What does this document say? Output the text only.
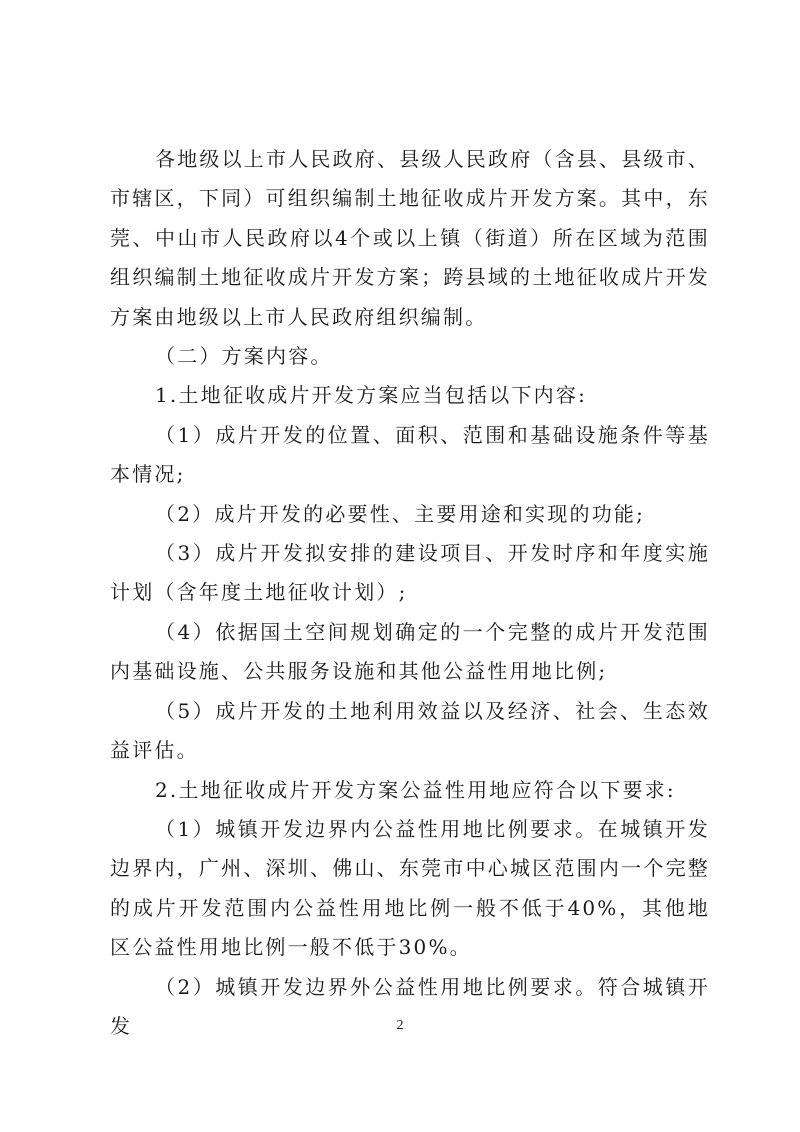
各地级以上市人民政府、县级人民政府（含县、县级市、市辖区，下同）可组织编制土地征收成片开发方案。其中，东莞、中山市人民政府以4个或以上镇（街道）所在区域为范围组织编制土地征收成片开发方案；跨县域的土地征收成片开发方案由地级以上市人民政府组织编制。

（二）方案内容。

1.土地征收成片开发方案应当包括以下内容:

（1）成片开发的位置、面积、范围和基础设施条件等基本情况;

（2）成片开发的必要性、主要用途和实现的功能;

（3）成片开发拟安排的建设项目、开发时序和年度实施计划（含年度土地征收计划）;

（4）依据国土空间规划确定的一个完整的成片开发范围内基础设施、公共服务设施和其他公益性用地比例;

（5）成片开发的土地利用效益以及经济、社会、生态效益评估。

2.土地征收成片开发方案公益性用地应符合以下要求:

（1）城镇开发边界内公益性用地比例要求。在城镇开发边界内，广州、深圳、佛山、东莞市中心城区范围内一个完整的成片开发范围内公益性用地比例一般不低于40%，其他地区公益性用地比例一般不低于30%。

（2）城镇开发边界外公益性用地比例要求。符合城镇开发	2
